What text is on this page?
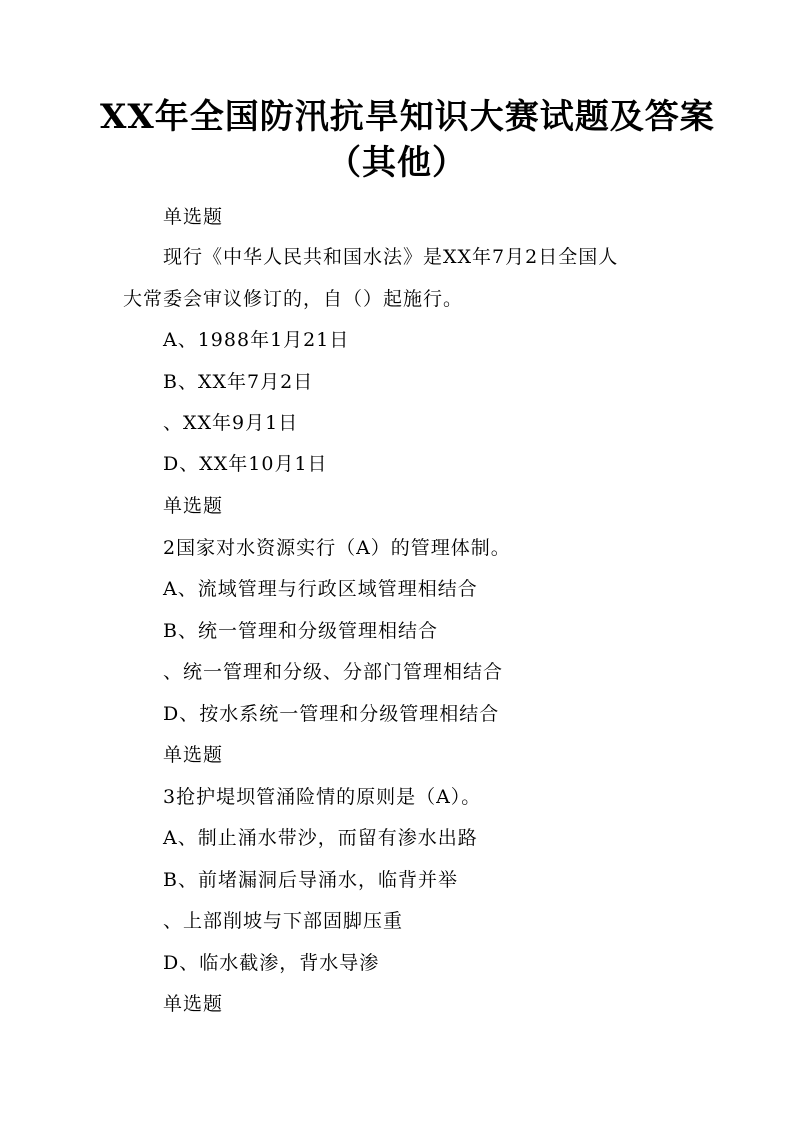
XX年全国防汛抗旱知识大赛试题及答案
（其他）
单选题
现行《中华人民共和国水法》是XX年7月2日全国人
大常委会审议修订的，自（）起施行。
A、1988年1月21日
B、XX年7月2日
、XX年9月1日
D、XX年10月1日
单选题
2国家对水资源实行（A）的管理体制。
A、流域管理与行政区域管理相结合
B、统一管理和分级管理相结合
、统一管理和分级、分部门管理相结合
D、按水系统一管理和分级管理相结合
单选题
3抢护堤坝管涌险情的原则是（A）。
A、制止涌水带沙，而留有渗水出路
B、前堵漏洞后导涌水，临背并举
、上部削坡与下部固脚压重
D、临水截渗，背水导渗
单选题
